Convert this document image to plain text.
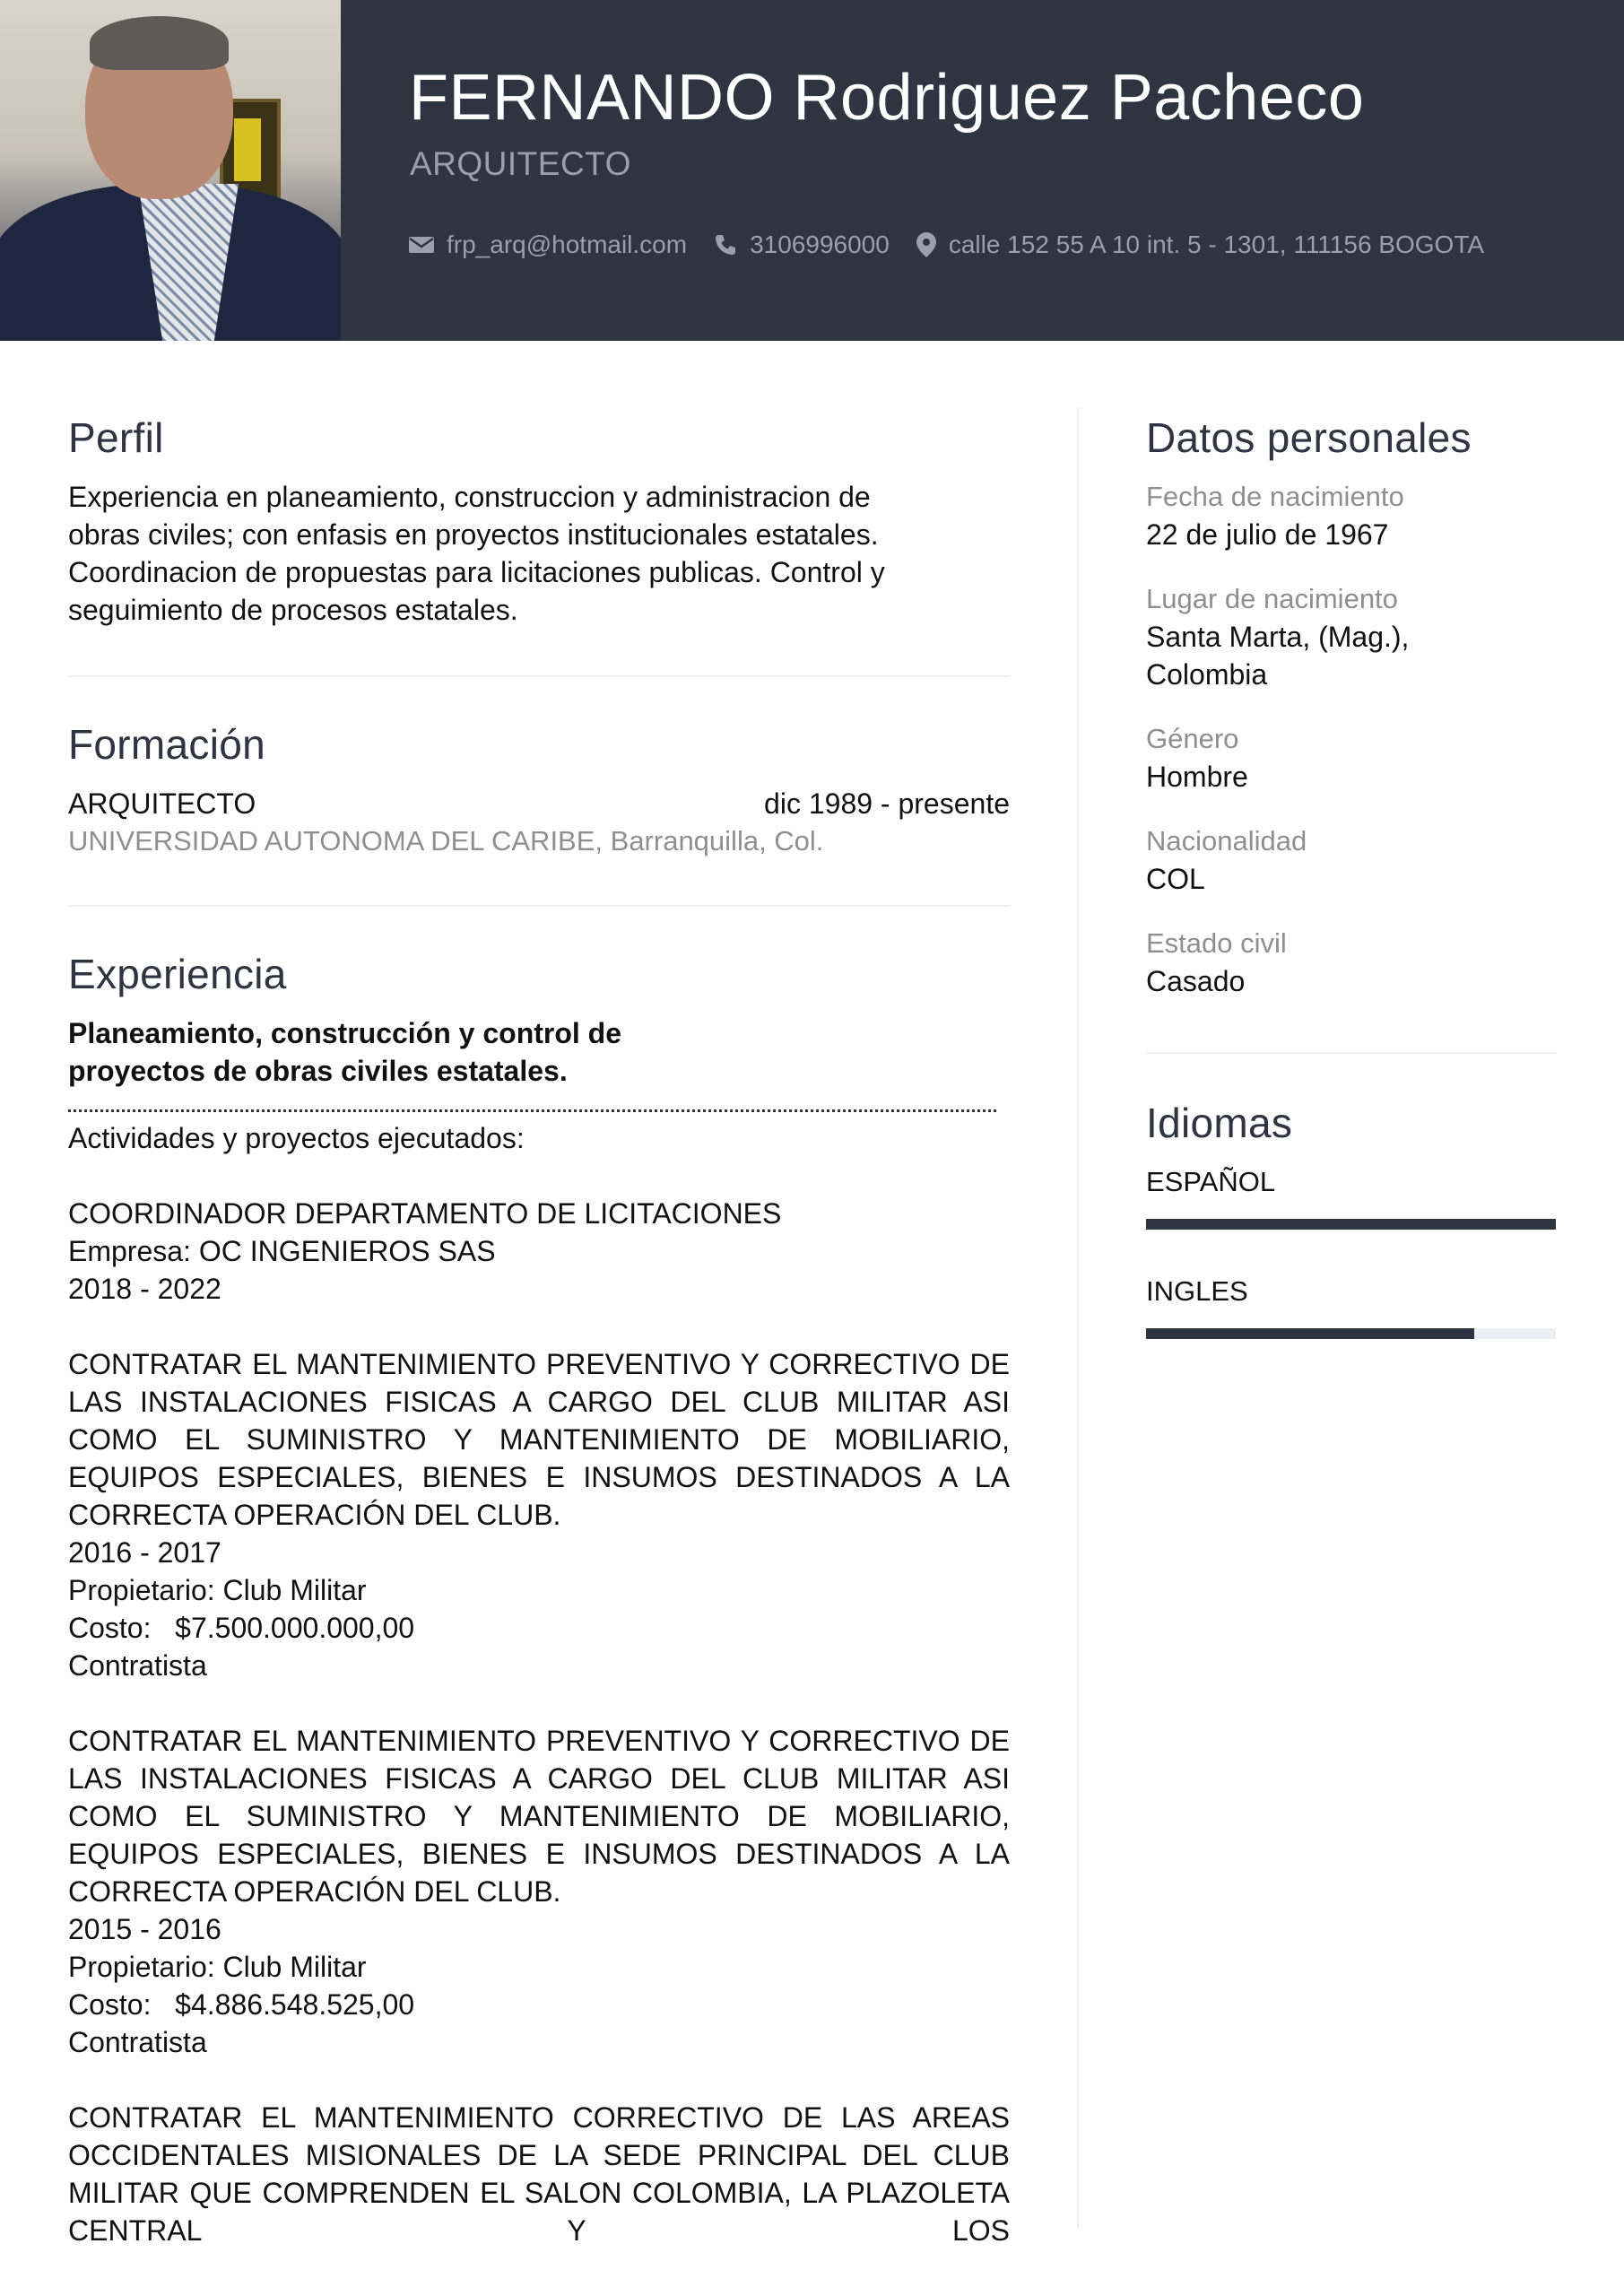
FERNANDO Rodriguez Pacheco
ARQUITECTO
frp_arq@hotmail.com	3106996000 calle 152 55 A 10 int. 5 - 1301, 111156 BOGOTA
Perfil

Experiencia en planeamiento, construccion y administracion de
obras civiles; con enfasis en proyectos institucionales estatales.
Coordinacion de propuestas para licitaciones publicas. Control y
seguimiento de procesos estatales.

Formación
ARQUITECTO	dic 1989 - presente
UNIVERSIDAD AUTONOMA DEL CARIBE, Barranquilla, Col.
Experiencia
Planeamiento, construcción y control de
proyectos de obras civiles estatales.
Actividades y proyectos ejecutados:
COORDINADOR DEPARTAMENTO DE LICITACIONES
Empresa: OC INGENIEROS SAS
2018 - 2022
CONTRATAR EL MANTENIMIENTO PREVENTIVO Y CORRECTIVO DE LAS INSTALACIONES FISICAS A CARGO DEL CLUB MILITAR ASI COMO EL SUMINISTRO Y MANTENIMIENTO DE MOBILIARIO, EQUIPOS ESPECIALES, BIENES E INSUMOS DESTINADOS A LA CORRECTA OPERACIÓN DEL CLUB.
2016 - 2017
Propietario: Club Militar
Costo:   $7.500.000.000,00
Contratista
CONTRATAR EL MANTENIMIENTO PREVENTIVO Y CORRECTIVO DE LAS INSTALACIONES FISICAS A CARGO DEL CLUB MILITAR ASI COMO EL SUMINISTRO Y MANTENIMIENTO DE MOBILIARIO, EQUIPOS ESPECIALES, BIENES E INSUMOS DESTINADOS A LA CORRECTA OPERACIÓN DEL CLUB.
2015 - 2016
Propietario: Club Militar
Costo:   $4.886.548.525,00
Contratista
CONTRATAR EL MANTENIMIENTO CORRECTIVO DE LAS AREAS OCCIDENTALES MISIONALES DE LA SEDE PRINCIPAL DEL CLUB MILITAR QUE COMPRENDEN EL SALON COLOMBIA, LA PLAZOLETA CENTRAL Y LOS
Datos personales
Fecha de nacimiento
22 de julio de 1967
Lugar de nacimiento
Santa Marta, (Mag.),
Colombia
Género
Hombre
Nacionalidad
COL
Estado civil
Casado
Idiomas
ESPAÑOL
INGLES
